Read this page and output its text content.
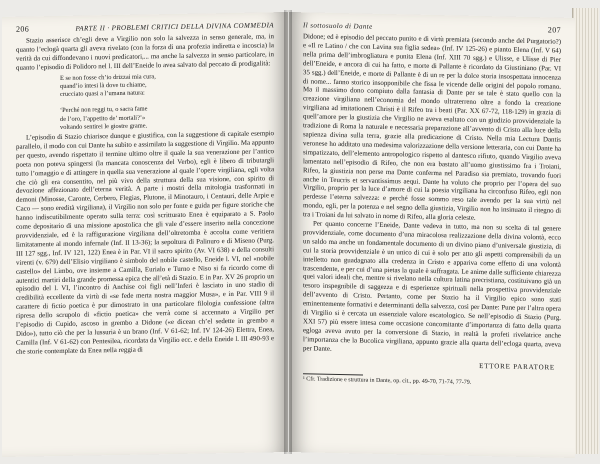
206	PARTE II · PROBLEMI CRITICI DELLA DIVINA COMMEDIA

Stazio asserisce ch’egli deve a Virgilio non solo la salvezza in senso generale, ma, in quanto l’eclogà quarta gli aveva rivelato (con la forza di una profezia indiretta e incoscia) la verità da cui diffondevano i nuovi predicatori,... ma anche la salvezza in senso particolare, in quanto l’episodio di Polidoro nel l. III dell’Eneide lo avea salvato dal peccato di prodigalità:

E se non fosse ch’io drizzai mia cura,
quand’io intesi là dove tu chiame,
crucciato quasi a l’umana natura:

‘Perché non reggi tu, o sacra fame
de l’oro, l’appetito de’ mortali?’»
voltando sentirei le giostre grame.

L’episodio di Stazio chiarisce dunque e giustifica, con la suggestione di capitale esempio parallelo, il modo con cui Dante ha subìto e assimilato la suggestione di Virgilio. Ma appunto per questo, avendo rispettato il termine ultimo oltre il quale la sua venerazione per l’antico poeta non poteva spingersi (la mancata conoscenza del Verbo), egli è libero di tributargli tutto l’omaggio e di attingere in quella sua venerazione al quale l’opere virgiliana, egli volta che ciò gli era consentito, nel più vivo della struttura della sua visione, con spirito di devozione affezionato dell’eterna verità. A parte i mostri della mitologia trasformati in demoni (Minosse, Caronte, Cerbero, Flegias, Plutone, il Minotauro, i Centauri, delle Arpie e Caco — sono eredità virgiliana), il Virgilio non solo per fonte e guida per figure storiche che hanno indiscutibilmente operato sulla terra: così scritturato Enea è equiparato a S. Paolo come depositario di una missione apostolica che gli vale d’essere inserito nella concezione provvidenziale, ed è la raffigurazione virgiliana dell’oltretomba è accolta come veritiera limitatamente al mondo infernale (Inf. II 13-36); la sepoltura di Palinuro e di Miseno (Purg. III 127 sgg., Inf. IV 121, 122) Enea è in Par. VI il sacro spirito (Av. VI 638) e della consulti virenti (v. 679) dell’Elisio virgiliano è simbolo del nobile castello, Eneide l. VI, nel «nobile castello» del Limbo, ove insieme a Camilla, Eurialo e Turno e Niso si fa ricordo come di autentici martiri della grande promessa epica che all’età di Stazio. E in Par. XV 26 proprio un episodio del l. VI, l’incontro di Anchise coi figli nell’Inferi è lasciato in uno stadio di credibilità eccellente da virtù di «se fede merta nostra maggior Musa», e in Par. VIII 9 il carattere di fictio poetica è pur dimostrato in una particolare filologia confessione (altra ripresa dello scrupolo di «fictio poetica» che verrà come si accennato a Virgilio per l’episodio di Cupido, ascoso in grembo a Didone («e dicean ch’el sedette in grembo a Dido»), tutto ciò che per la lussuria è un brano (Inf. V 61-62; Inf. IV 124-26) Elettra, Enea, Camilla (Inf. V 61-62) con Pentesilea, ricordata da Virgilio ecc. e della Eneide l. III 490-93 e che storie contemplate da Enea nella reggia di

Il sottosuolo di Dante	207

Didone; ed è episodio del peccato punito e di virtù premiata (secondo anche del Purgatorio?) e «Il re Latino / che con Lavina sua figlia sedea» (Inf. IV 125-26) e pianto Elena (Inf. V 64) nella prima dell’imbrogliatura e punita Elena (Inf. XIII 70 sgg.) e Ulisse, e Ulisse di Pier dell’Eneide, e ancora di cui ha fatto, e morte di Pallante è ricordato da Giustiniano (Par. VI 35 sgg.) dell’Eneide, e morte di Pallante è di un re per la dolce storia insospettata innocenza di nome... fanno storico insopponibile che fissa le vicende delle origini del popolo romano. Ma il massimo dono compiuto dalla fantasia di Dante per se tale è stato quello con la creazione virgiliana nell’economia del mondo ultraterreno oltre a fondo la creazione virgiliana ad imitationem Christi è il Rifeo tra i beati (Par. XX 67-72, 118-129) in grazia di quell’amore per la giustizia che Virgilio ne aveva esaltato con un giudizio provvidenziale la tradizione di Roma la naturale e necessaria preparazione all’avvento di Cristo alla luce della sapienza divina sulla terra, grazie alla predicazione di Cristo. Nella mia Lectura Dantis veronese ho additato una medesima valorizzazione della versione letteraria, con cui Dante ha simpatizzato, dell’elemento antropologico rispetto al dantesco rifiuto, quando Virgilio aveva lamentato nell’episodio di Rifeo, che non era bastato all’uomo giustissimo fra i Troiani, Rifeo, la giustizia non perse ma Dante conferma nel Paradiso sia premiato, trovando fuori anche in Teucris et servantissimus aequi. Dante ha voluto che proprio per l’opera del suo Virgilio, proprio per la luce d’amore di cui la poesia virgiliana ha circonfuso Rifeo, egli non perdesse l’eterna salvezza: e perché fosse sommo reso tale avendo per la sua virtù nel mondo, egli, per la potenza e nel segno della giustizia, Virgilio non ha insinuato il ritegno di tra i Troiani da lui salvato in nome di Rifeo, alla gloria celeste.

Per quanto concerne l’Eneide, Dante vedeva in tutto, ma non su scelta di tal genere provvidenziale, come documento d’una miracolosa realizzazione della divina volontà, ecco un saldo ma anche un fondamentale documento di un divino piano d’universale giustizia, di cui la storia provvidenziale è un unico di cui è solo per atto gli aspetti comprensibili da un intelletto non guadagnato alla credenza in Cristo e appariva come effetto di una volontà trascendente, e per cui d’una pietas la quale è suffragata. Le anime dalle sufficiente chiarezza quei valori ideali che, mentre si rivelano nella cultura latina precristiana, costituivano già un tesoro inspegnibile di saggezza e di esperienze spirituali nella prospettiva provvidenziale dell’avvento di Cristo. Pertanto, come per Stazio ha il Virgilio epico sono stati eminentemente formativi e determinanti della salvezza, così per Dante: Pune per l’altra opera di Virgilio si è cercata un essenziale valore escatologico. Se nell’episodio di Stazio (Purg. XXI 57) più essere intesa come occasione concomitante d’importanza di fatto della quarta egloga aveva avuto per la conversione di Stazio, in realtà la profeti rivelatrice anche l’importanza che la Bucolica virgiliana, appunto grazie alla quarta dell’ecloga quarta, aveva per Dante.

ETTORE PARATORE
¹ Cfr. Tradizione e struttura in Dante, op. cit., pp. 49-70, 71-74, 77-79.
